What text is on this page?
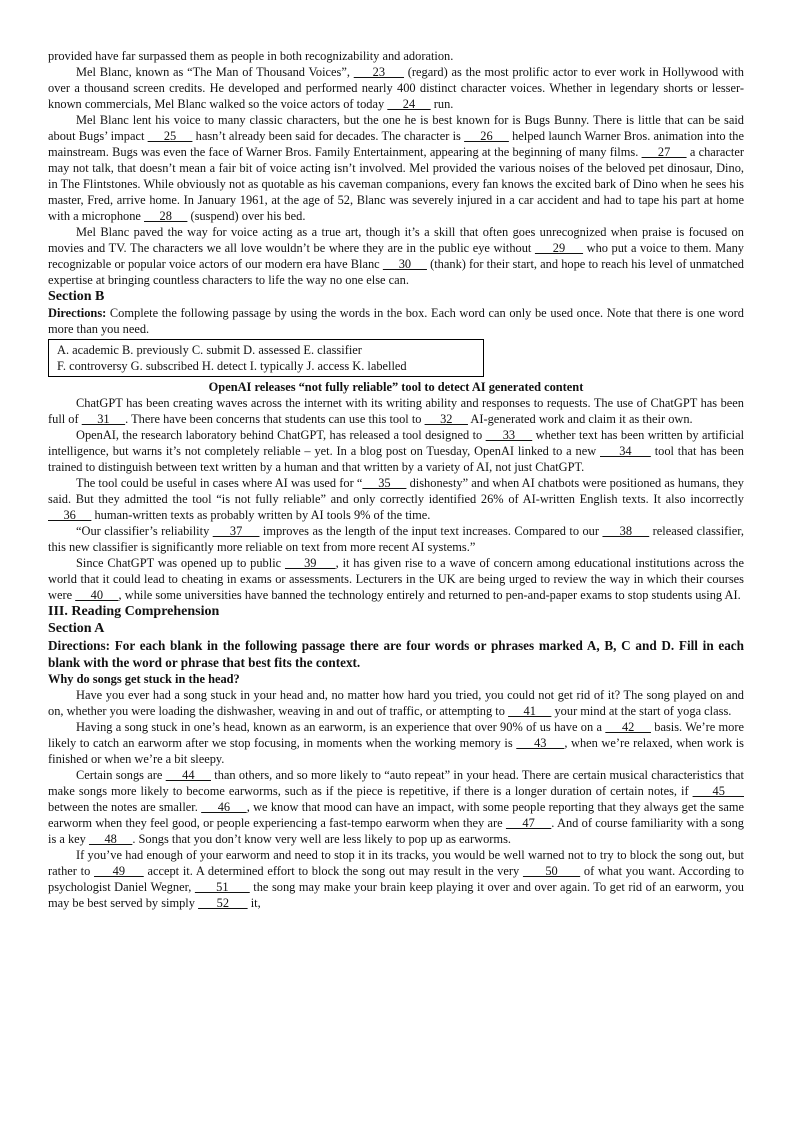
provided have far surpassed them as people in both recognizability and adoration.

Mel Blanc, known as “The Man of Thousand Voices”,      23      (regard) as the most prolific actor to ever work in Hollywood with over a thousand screen credits. He developed and performed nearly 400 distinct character voices. Whether in legendary shorts or lesser-known commercials, Mel Blanc walked so the voice actors of today      24      run.

Mel Blanc lent his voice to many classic characters, but the one he is best known for is Bugs Bunny. There is little that can be said about Bugs’ impact      25      hasn’t already been said for decades. The character is      26      helped launch Warner Bros. animation into the mainstream. Bugs was even the face of Warner Bros. Family Entertainment, appearing at the beginning of many films.      27      a character may not talk, that doesn’t mean a fair bit of voice acting isn’t involved. Mel provided the various noises of the beloved pet dinosaur, Dino, in The Flintstones. While obviously not as quotable as his caveman companions, every fan knows the excited bark of Dino when he sees his master, Fred, arrive home. In January 1961, at the age of 52, Blanc was severely injured in a car accident and had to tape his part at home with a microphone      28      (suspend) over his bed.

Mel Blanc paved the way for voice acting as a true art, though it’s a skill that often goes unrecognized when praise is focused on movies and TV. The characters we all love wouldn’t be where they are in the public eye without      29      who put a voice to them. Many recognizable or popular voice actors of our modern era have Blanc      30      (thank) for their start, and hope to reach his level of unmatched expertise at bringing countless characters to life the way no one else can.

Section B

Directions: Complete the following passage by using the words in the box. Each word can only be used once. Note that there is one word more than you need.

A. academic B. previously C. submit D. assessed E. classifier
F. controversy G. subscribed H. detect I. typically J. access K. labelled

OpenAI releases “not fully reliable” tool to detect AI generated content

ChatGPT has been creating waves across the internet with its writing ability and responses to requests. The use of ChatGPT has been full of      31     . There have been concerns that students can use this tool to      32      AI-generated work and claim it as their own.

OpenAI, the research laboratory behind ChatGPT, has released a tool designed to      33      whether text has been written by artificial intelligence, but warns it’s not completely reliable – yet. In a blog post on Tuesday, OpenAI linked to a new      34      tool that has been trained to distinguish between text written by a human and that written by a variety of AI, not just ChatGPT.

The tool could be useful in cases where AI was used for “     35      dishonesty” and when AI chatbots were positioned as humans, they said. But they admitted the tool “is not fully reliable” and only correctly identified 26% of AI-written English texts. It also incorrectly      36      human-written texts as probably written by AI tools 9% of the time.

“Our classifier’s reliability      37      improves as the length of the input text increases. Compared to our      38      released classifier, this new classifier is significantly more reliable on text from more recent AI systems.”

Since ChatGPT was opened up to public      39     , it has given rise to a wave of concern among educational institutions across the world that it could lead to cheating in exams or assessments. Lecturers in the UK are being urged to review the way in which their courses were      40     , while some universities have banned the technology entirely and returned to pen-and-paper exams to stop students using AI.

III. Reading Comprehension

Section A

Directions: For each blank in the following passage there are four words or phrases marked A, B, C and D. Fill in each blank with the word or phrase that best fits the context.

Why do songs get stuck in the head?

Have you ever had a song stuck in your head and, no matter how hard you tried, you could not get rid of it? The song played on and on, whether you were loading the dishwasher, weaving in and out of traffic, or attempting to      41      your mind at the start of yoga class.

Having a song stuck in one’s head, known as an earworm, is an experience that over 90% of us have on a      42      basis. We’re more likely to catch an earworm after we stop focusing, in moments when the working memory is      43     , when we’re relaxed, when work is finished or when we’re a bit sleepy.

Certain songs are      44      than others, and so more likely to “auto repeat” in your head. There are certain musical characteristics that make songs more likely to become earworms, such as if the piece is repetitive, if there is a longer duration of certain notes, if      45      between the notes are smaller.      46     , we know that mood can have an impact, with some people reporting that they always get the same earworm when they feel good, or people experiencing a fast-tempo earworm when they are      47     . And of course familiarity with a song is a key      48     . Songs that you don’t know very well are less likely to pop up as earworms.

If you’ve had enough of your earworm and need to stop it in its tracks, you would be well warned not to try to block the song out, but rather to      49      accept it. A determined effort to block the song out may result in the very       50       of what you want. According to psychologist Daniel Wegner,       51       the song may make your brain keep playing it over and over again. To get rid of an earworm, you may be best served by simply       52       it,
